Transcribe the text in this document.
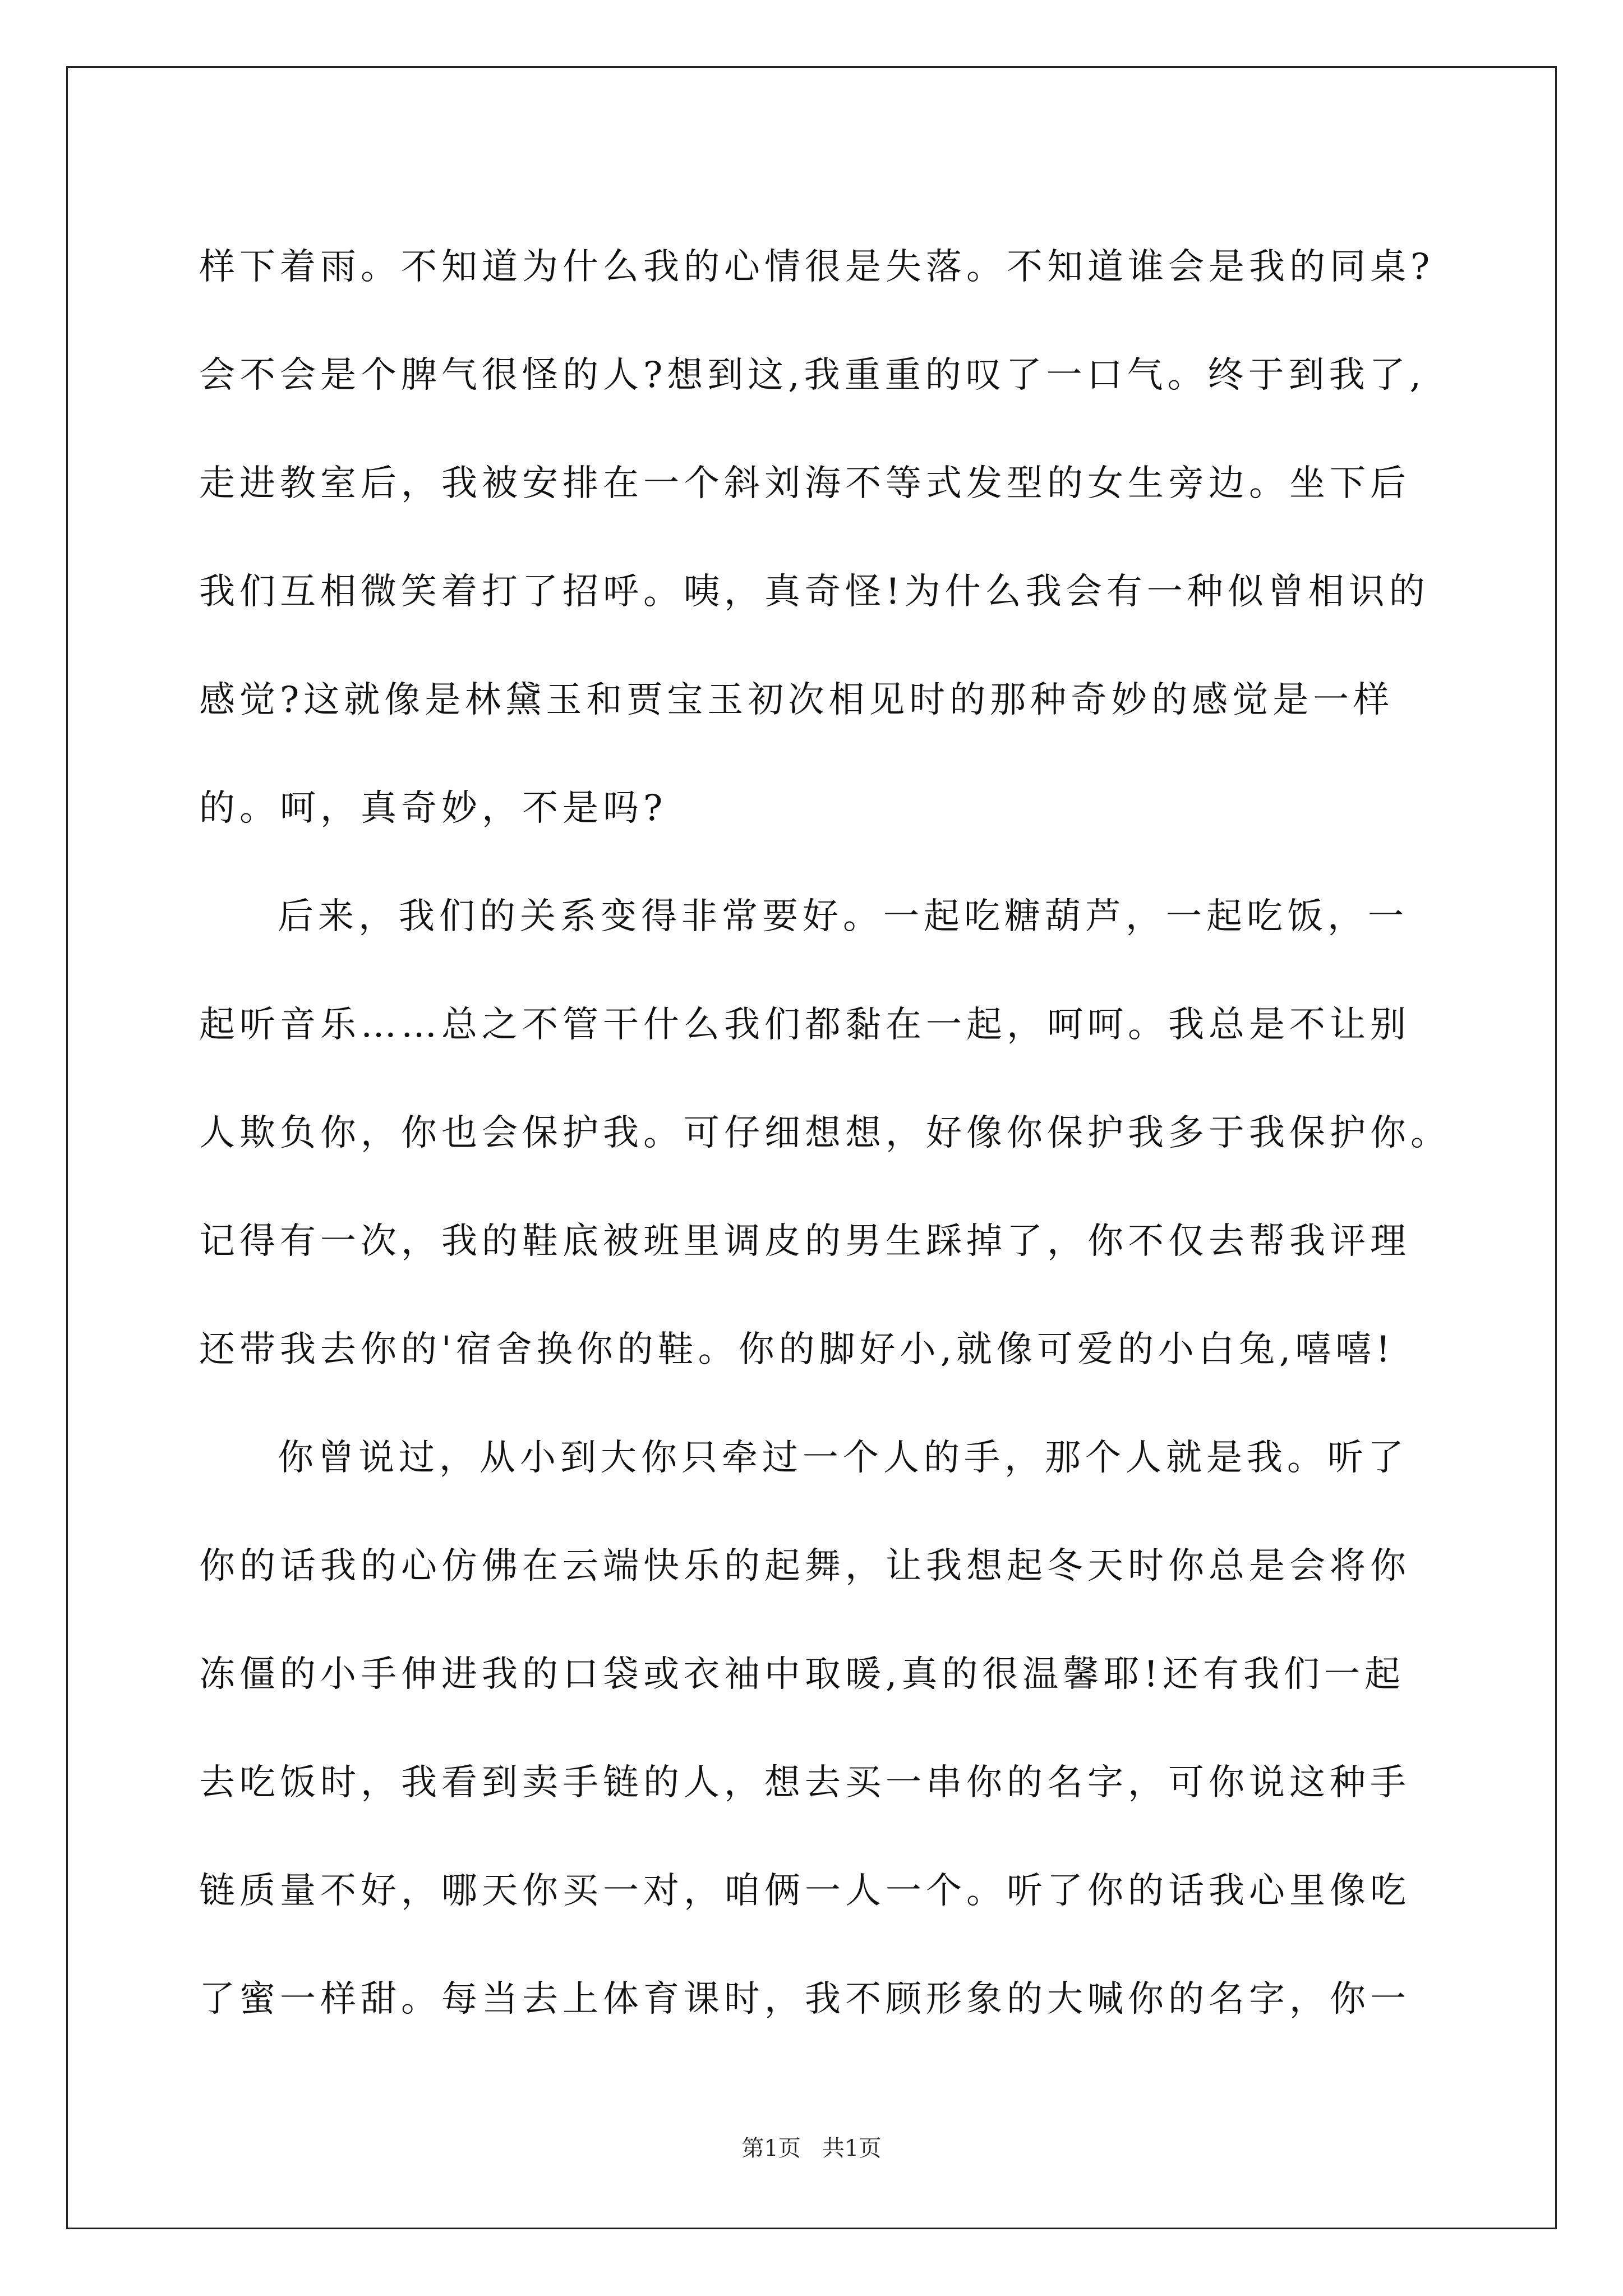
样下着雨。不知道为什么我的心情很是失落。不知道谁会是我的同桌?
会不会是个脾气很怪的人?想到这,我重重的叹了一口气。终于到我了,
走进教室后，我被安排在一个斜刘海不等式发型的女生旁边。坐下后
我们互相微笑着打了招呼。咦，真奇怪!为什么我会有一种似曾相识的
感觉?这就像是林黛玉和贾宝玉初次相见时的那种奇妙的感觉是一样
的。呵，真奇妙，不是吗?
后来，我们的关系变得非常要好。一起吃糖葫芦，一起吃饭，一
起听音乐……总之不管干什么我们都黏在一起，呵呵。我总是不让别
人欺负你，你也会保护我。可仔细想想，好像你保护我多于我保护你。
记得有一次，我的鞋底被班里调皮的男生踩掉了，你不仅去帮我评理
还带我去你的'宿舍换你的鞋。你的脚好小,就像可爱的小白兔,嘻嘻!
你曾说过，从小到大你只牵过一个人的手，那个人就是我。听了
你的话我的心仿佛在云端快乐的起舞，让我想起冬天时你总是会将你
冻僵的小手伸进我的口袋或衣袖中取暖,真的很温馨耶!还有我们一起
去吃饭时，我看到卖手链的人，想去买一串你的名字，可你说这种手
链质量不好，哪天你买一对，咱俩一人一个。听了你的话我心里像吃
了蜜一样甜。每当去上体育课时，我不顾形象的大喊你的名字，你一
第1页   共1页
